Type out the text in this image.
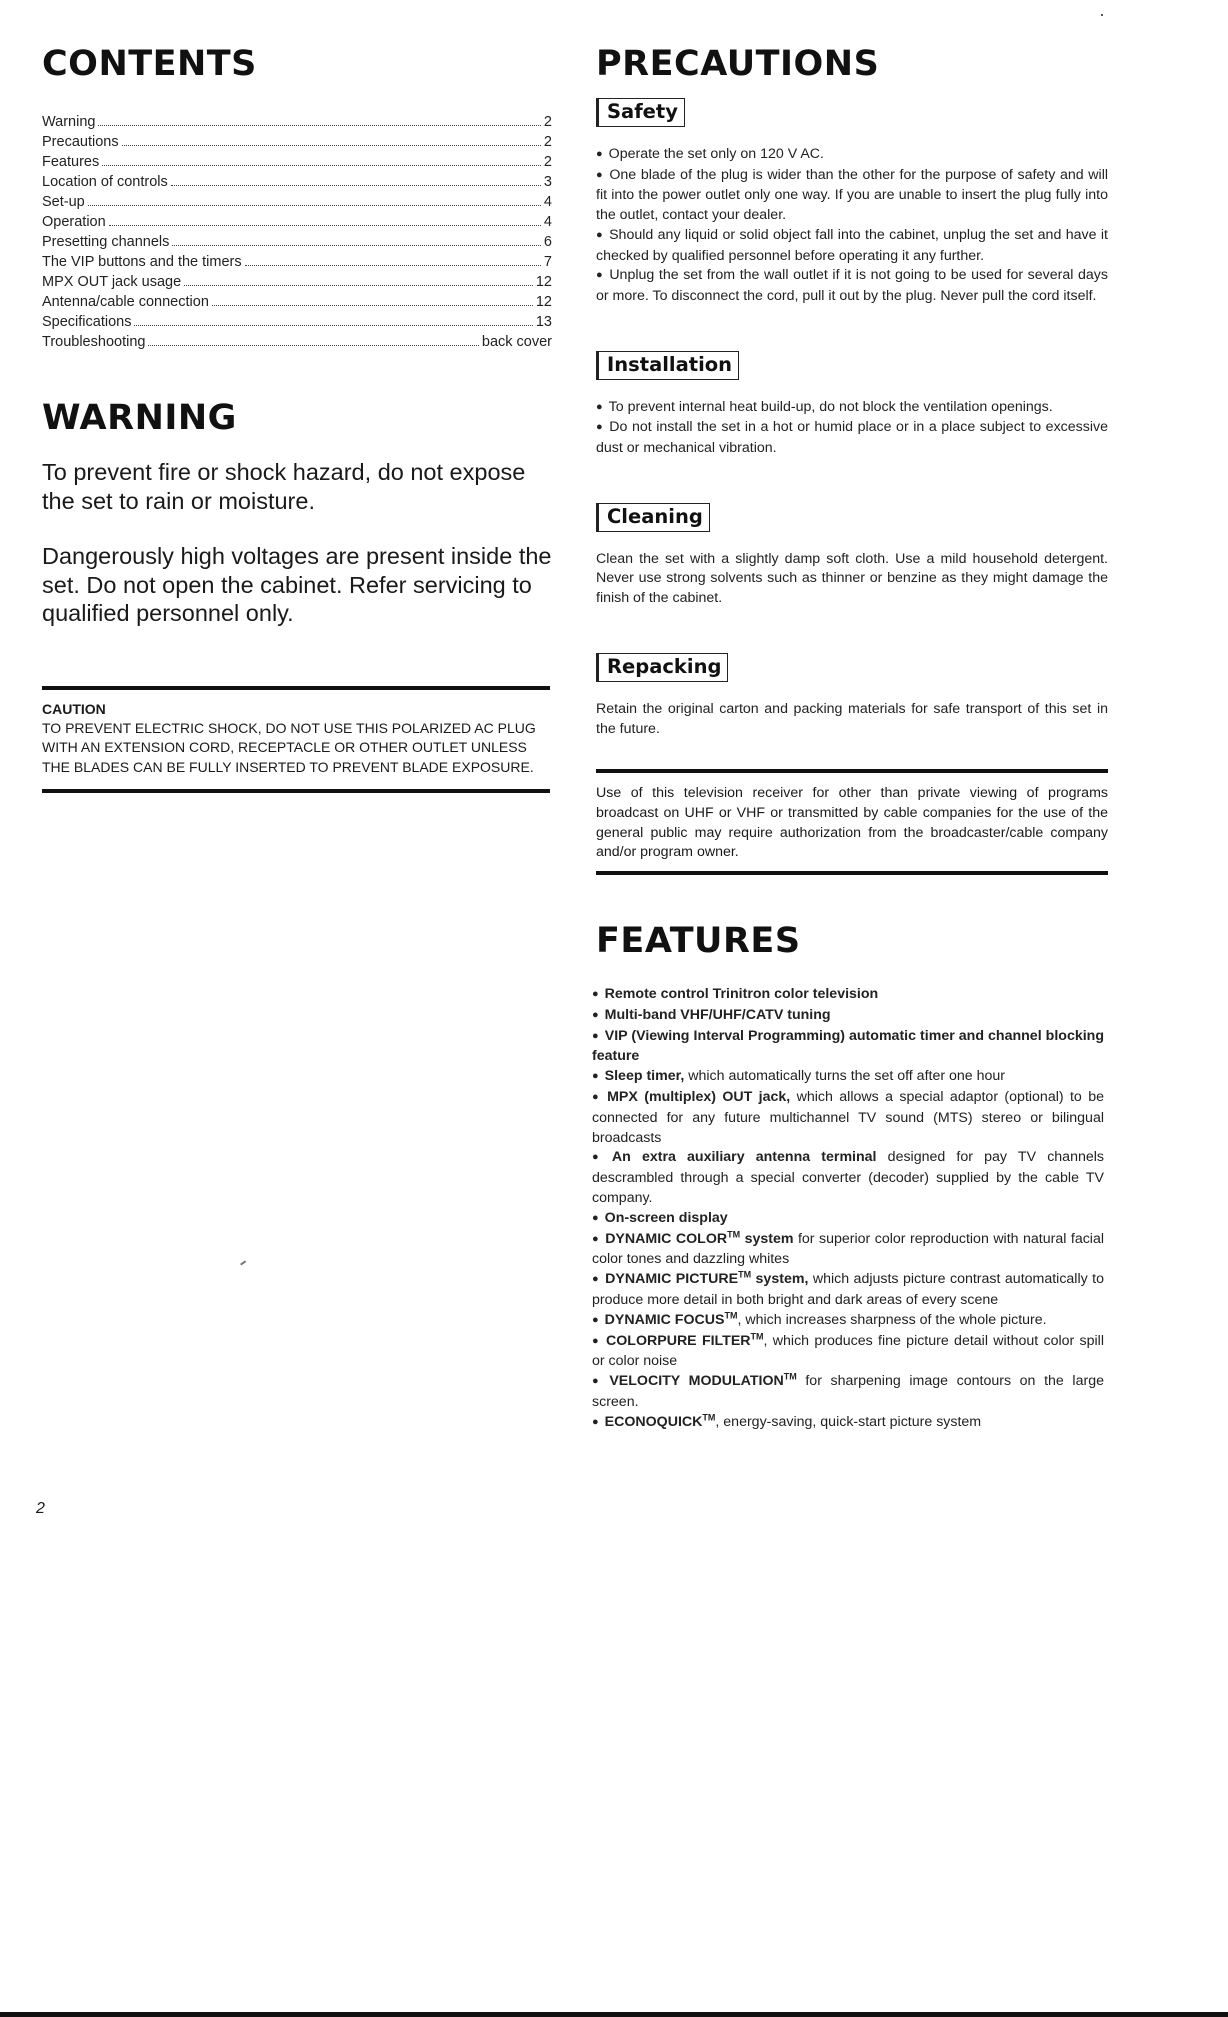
CONTENTS
Warning	2
Precautions	2
Features	2
Location of controls	3
Set-up	4
Operation	4
Presetting channels	6
The VIP buttons and the timers	7
MPX OUT jack usage	12
Antenna/cable connection	12
Specifications	13
Troubleshooting	back cover
WARNING

To prevent fire or shock hazard, do not expose the set to rain or moisture.

Dangerously high voltages are present inside the set. Do not open the cabinet. Refer servicing to qualified personnel only.

CAUTION
TO PREVENT ELECTRIC SHOCK, DO NOT USE THIS POLARIZED AC PLUG WITH AN EXTENSION CORD, RECEPTACLE OR OTHER OUTLET UNLESS THE BLADES CAN BE FULLY INSERTED TO PREVENT BLADE EXPOSURE.
PRECAUTIONS
Safety

● Operate the set only on 120 V AC.
● One blade of the plug is wider than the other for the purpose of safety and will fit into the power outlet only one way. If you are unable to insert the plug fully into the outlet, contact your dealer.
● Should any liquid or solid object fall into the cabinet, unplug the set and have it checked by qualified personnel before operating it any further.
● Unplug the set from the wall outlet if it is not going to be used for several days or more. To disconnect the cord, pull it out by the plug. Never pull the cord itself.

Installation

● To prevent internal heat build-up, do not block the ventilation openings.
● Do not install the set in a hot or humid place or in a place subject to excessive dust or mechanical vibration.

Cleaning

Clean the set with a slightly damp soft cloth. Use a mild household detergent. Never use strong solvents such as thinner or benzine as they might damage the finish of the cabinet.

Repacking

Retain the original carton and packing materials for safe transport of this set in the future.

Use of this television receiver for other than private viewing of programs broadcast on UHF or VHF or transmitted by cable companies for the use of the general public may require authorization from the broadcaster/cable company and/or program owner.

FEATURES
● Remote control Trinitron color television
● Multi-band VHF/UHF/CATV tuning
● VIP (Viewing Interval Programming) automatic timer and channel blocking feature
● Sleep timer, which automatically turns the set off after one hour
● MPX (multiplex) OUT jack, which allows a special adaptor (optional) to be connected for any future multichannel TV sound (MTS) stereo or bilingual broadcasts
● An extra auxiliary antenna terminal designed for pay TV channels descrambled through a special converter (decoder) supplied by the cable TV company.
● On-screen display
● DYNAMIC COLOR™ system for superior color reproduction with natural facial color tones and dazzling whites
● DYNAMIC PICTURE™ system, which adjusts picture contrast automatically to produce more detail in both bright and dark areas of every scene
● DYNAMIC FOCUS™, which increases sharpness of the whole picture.
● COLORPURE FILTER™, which produces fine picture detail without color spill or color noise
● VELOCITY MODULATION™ for sharpening image contours on the large screen.
● ECONOQUICK™, energy-saving, quick-start picture system
2
